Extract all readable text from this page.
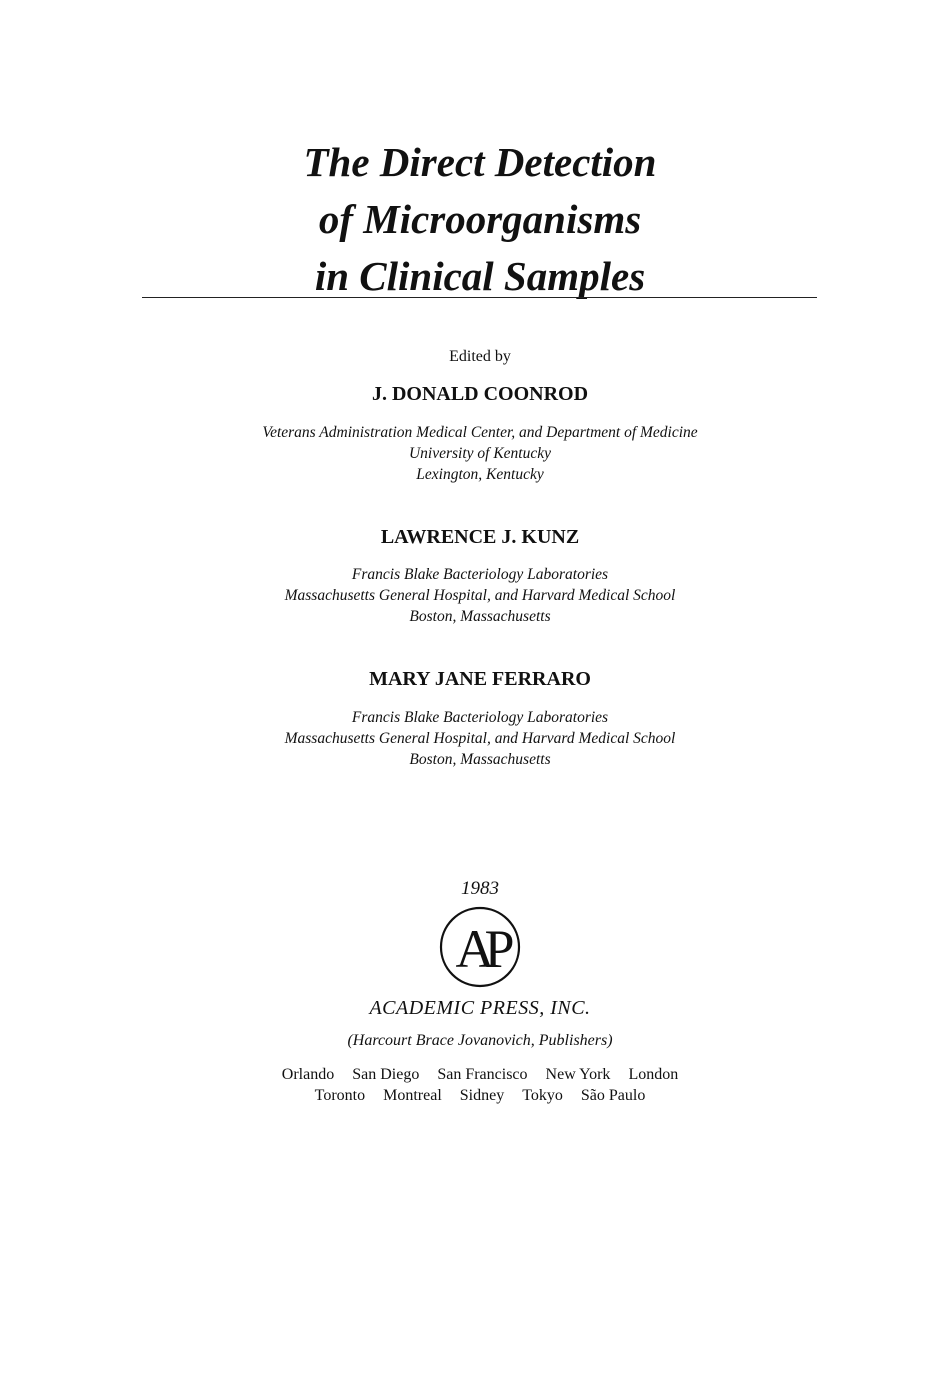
The Direct Detection
of Microorganisms
in Clinical Samples
Edited by
J. DONALD COONROD
Veterans Administration Medical Center, and Department of Medicine
University of Kentucky
Lexington, Kentucky
LAWRENCE J. KUNZ
Francis Blake Bacteriology Laboratories
Massachusetts General Hospital, and Harvard Medical School
Boston, Massachusetts
MARY JANE FERRARO
Francis Blake Bacteriology Laboratories
Massachusetts General Hospital, and Harvard Medical School
Boston, Massachusetts
1983
AP
ACADEMIC PRESS, INC.
(Harcourt Brace Jovanovich, Publishers)
Orlando San Diego San Francisco New York London
Toronto Montreal Sidney Tokyo São Paulo
